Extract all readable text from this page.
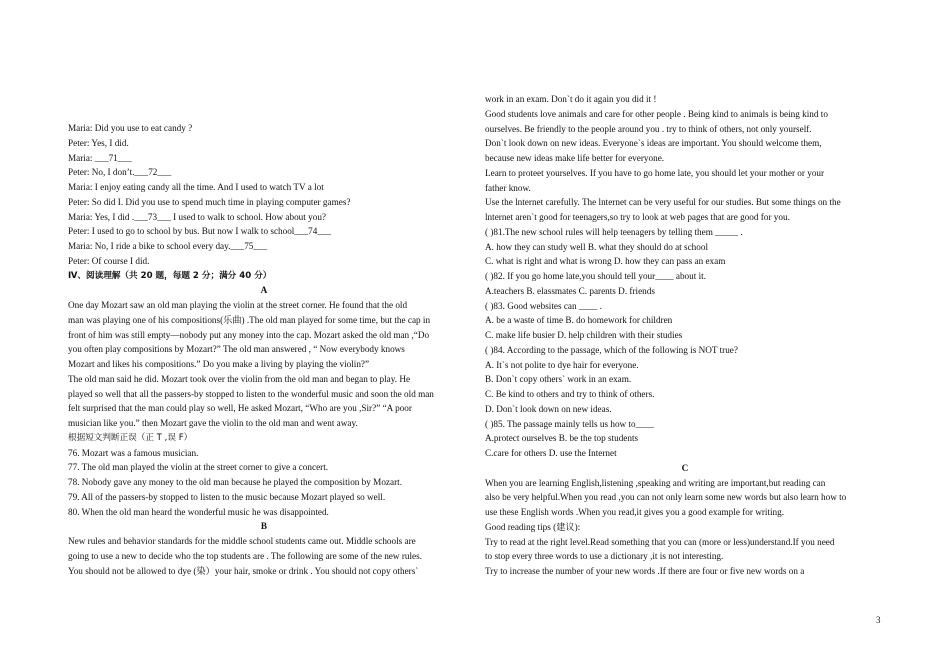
Maria: Did you use to eat candy ?
Peter: Yes, I did.
Maria: ___71___
Peter: No, I don’t.___72___
Maria: I enjoy eating candy all the time. And I used to watch TV a lot
Peter: So did I. Did you use to spend much time in playing computer games?
Maria: Yes, I did .___73___ I used to walk to school. How about you?
Peter: I used to go to school by bus. But now I walk to school___74___
Maria: No, I ride a bike to school every day.___75___
Peter: Of course I did.
Ⅳ、阅读理解（共 20 题，每题 2 分；满分 40 分）
A
One day Mozart saw an old man playing the violin at the street corner. He found that the old
man was playing one of his compositions(乐曲) .The old man played for some time, but the cap in
front of him was still empty—nobody put any money into the cap. Mozart asked the old man ,“Do
you often play compositions by Mozart?” The old man answered , “ Now everybody knows
Mozart and likes his compositions.” Do you make a living by playing the violin?”
The old man said he did. Mozart took over the violin from the old man and began to play. He
played so well that all the passers-by stopped to listen to the wonderful music and soon the old man
felt surprised that the man could play so well, He asked Mozart, “Who are you ,Sir?” “A poor
musician like you.” then Mozart gave the violin to the old man and went away.
根据短文判断正误（正 T ,误 F）
76. Mozart was a famous musician.
77. The old man played the violin at the street corner to give a concert.
78. Nobody gave any money to the old man because he played the composition by Mozart.
79. All of the passers-by stopped to listen to the music because Mozart played so well.
80. When the old man heard the wonderful music he was disappointed.
B
New rules and behavior standards for the middle school students came out. Middle schools are
going to use a new to decide who the top students are . The following are some of the new rules.
You should not be allowed to dye (染）your hair, smoke or drink . You should not copy others`
work in an exam. Don`t do it again you did it !
Good students love animals and care for other people . Being kind to animals is being kind to
ourselves. Be friendly to the people around you . try to think of others, not only yourself.
Don`t look down on new ideas. Everyone`s ideas are important. You should welcome them,
because new ideas make life better for everyone.
Learn to proteet yourselves. If you have to go home late, you should let your mother or your
father know.
Use the lnternet carefully. The lnternet can be very useful for our studies. But some things on the
lnternet aren`t good for teenagers,so try to look at web pages that are good for you.
( )81.The new school rules will help teenagers by telling them _____ .
A. how they can study well B. what they should do at school
C. what is right and what is wrong D. how they can pass an exam
( )82. If you go home late,you should tell your____ about it.
A.teachers B. elassmates C. parents D. friends
( )83. Good websites can ____ .
A. be a waste of time B. do homework for children
C. make life busier D. help children with their studies
( )84. According to the passage, which of the following is NOT true?
A. It`s not polite to dye hair for everyone.
B. Don`t copy others` work in an exam.
C. Be kind to others and try to think of others.
D. Don`t look down on new ideas.
( )85. The passage mainly tells us how to____
A.protect ourselves B. be the top students
C.care for others D. use the Internet
C
When you are learning English,listening ,speaking and writing are important,but reading can
also be very helpful.When you read ,you can not only learn some new words but also learn how to
use these English words .When you read,it gives you a good example for writing.
Good reading tips (建议):
Try to read at the right level.Read something that you can (more or less)understand.If you need
to stop every three words to use a dictionary ,it is not interesting.
Try to increase the number of your new words .If there are four or five new words on a
3
